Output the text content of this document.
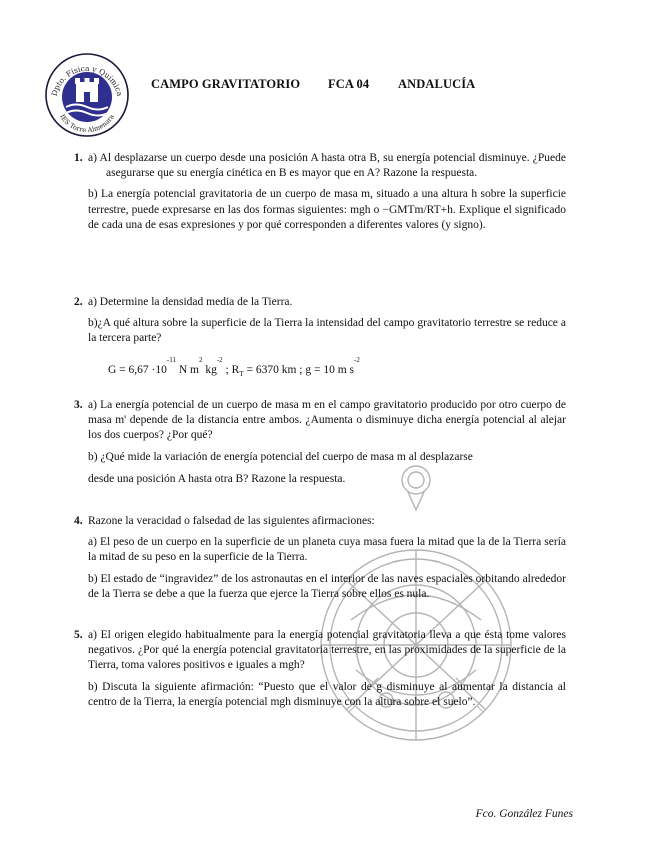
Dpto. Física y Química
IES Torre Almenara
CAMPO GRAVITATORIO FCA 04 ANDALUCÍA
1. a) Al desplazarse un cuerpo desde una posición A hasta otra B, su energía potencial disminuye. ¿Puede asegurarse que su energía cinética en B es mayor que en A? Razone la respuesta.

b) La energía potencial gravitatoria de un cuerpo de masa m, situado a una altura h sobre la superficie terrestre, puede expresarse en las dos formas siguientes: mgh o −GMTm/RT+h. Explique el significado de cada una de esas expresiones y por qué corresponden a diferentes valores (y signo).

2. a) Determine la densidad media de la Tierra.

b)¿A qué altura sobre la superficie de la Tierra la intensidad del campo gravitatorio terrestre se reduce a la tercera parte?

$G = 6,67 \cdot 10^{-11}$ N $m^2$ $kg^{-2}$ ; $R_T = 6370$ km ; g = 10 m $s^{-2}$
3. a) La energía potencial de un cuerpo de masa m en el campo gravitatorio producido por otro cuerpo de masa m' depende de la distancia entre ambos. ¿Aumenta o disminuye dicha energía potencial al alejar los dos cuerpos? ¿Por qué?

b) ¿Qué mide la variación de energía potencial del cuerpo de masa m al desplazarse

desde una posición A hasta otra B? Razone la respuesta.

4. Razone la veracidad o falsedad de las siguientes afirmaciones:

a) El peso de un cuerpo en la superficie de un planeta cuya masa fuera la mitad que la de la Tierra sería la mitad de su peso en la superficie de la Tierra.

b) El estado de “ingravidez” de los astronautas en el interior de las naves espaciales orbitando alrededor de la Tierra se debe a que la fuerza que ejerce la Tierra sobre ellos es nula.

5. a) El origen elegido habitualmente para la energía potencial gravitatoria lleva a que ésta tome valores negativos. ¿Por qué la energía potencial gravitatoria terrestre, en las proximidades de la superficie de la Tierra, toma valores positivos e iguales a mgh?

b) Discuta la siguiente afirmación: “Puesto que el valor de g disminuye al aumentar la distancia al centro de la Tierra, la energía potencial mgh disminuye con la altura sobre el suelo”.

Fco. González Funes
